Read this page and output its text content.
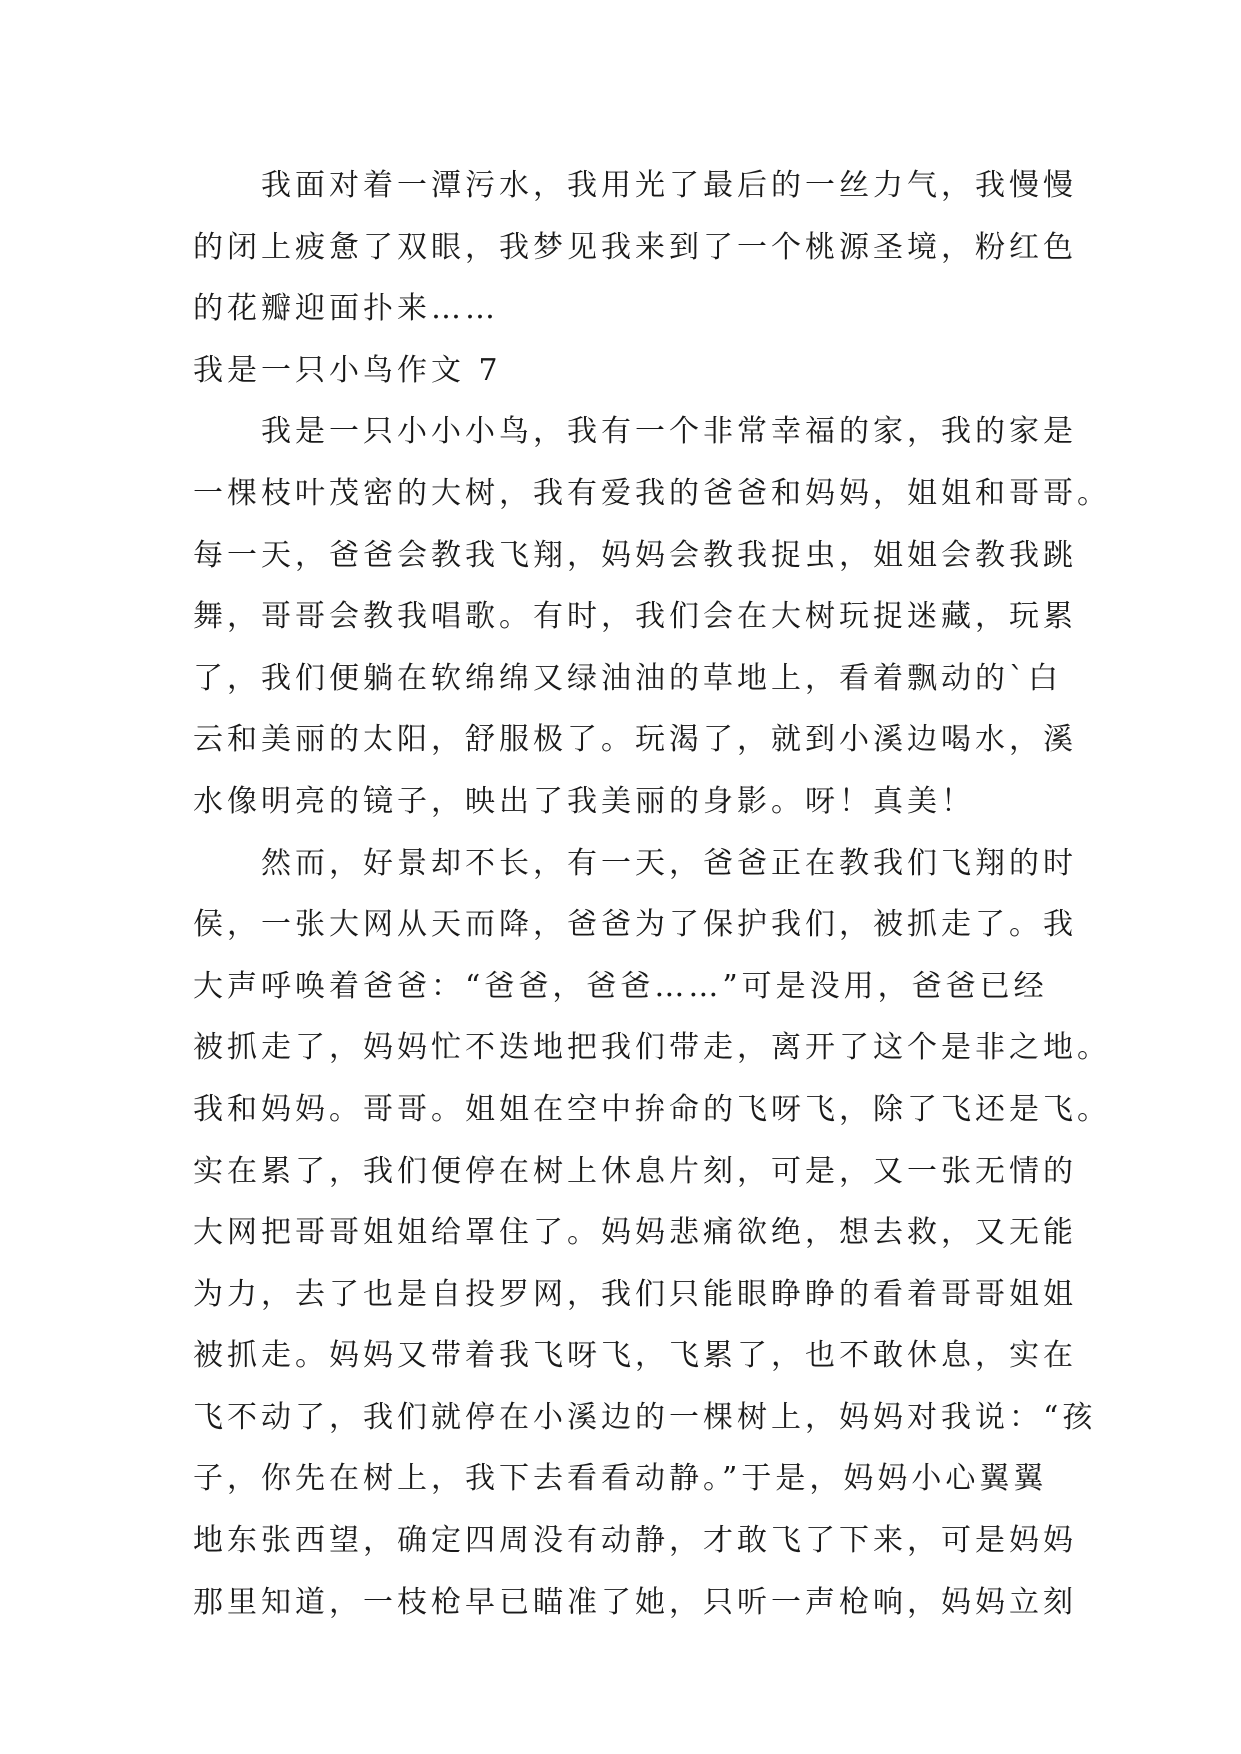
我面对着一潭污水，我用光了最后的一丝力气，我慢慢
的闭上疲惫了双眼，我梦见我来到了一个桃源圣境，粉红色
的花瓣迎面扑来……
我是一只小鸟作文 7
我是一只小小小鸟，我有一个非常幸福的家，我的家是
一棵枝叶茂密的大树，我有爱我的爸爸和妈妈，姐姐和哥哥。
每一天，爸爸会教我飞翔，妈妈会教我捉虫，姐姐会教我跳
舞，哥哥会教我唱歌。有时，我们会在大树玩捉迷藏，玩累
了，我们便躺在软绵绵又绿油油的草地上，看着飘动的`白
云和美丽的太阳，舒服极了。玩渴了，就到小溪边喝水，溪
水像明亮的镜子，映出了我美丽的身影。呀！真美！
然而，好景却不长，有一天，爸爸正在教我们飞翔的时
侯，一张大网从天而降，爸爸为了保护我们，被抓走了。我
大声呼唤着爸爸：“爸爸，爸爸……”可是没用，爸爸已经
被抓走了，妈妈忙不迭地把我们带走，离开了这个是非之地。
我和妈妈。哥哥。姐姐在空中拚命的飞呀飞，除了飞还是飞。
实在累了，我们便停在树上休息片刻，可是，又一张无情的
大网把哥哥姐姐给罩住了。妈妈悲痛欲绝，想去救，又无能
为力，去了也是自投罗网，我们只能眼睁睁的看着哥哥姐姐
被抓走。妈妈又带着我飞呀飞，飞累了，也不敢休息，实在
飞不动了，我们就停在小溪边的一棵树上，妈妈对我说：“孩
子，你先在树上，我下去看看动静。”于是，妈妈小心翼翼
地东张西望，确定四周没有动静，才敢飞了下来，可是妈妈
那里知道，一枝枪早已瞄准了她，只听一声枪响，妈妈立刻
